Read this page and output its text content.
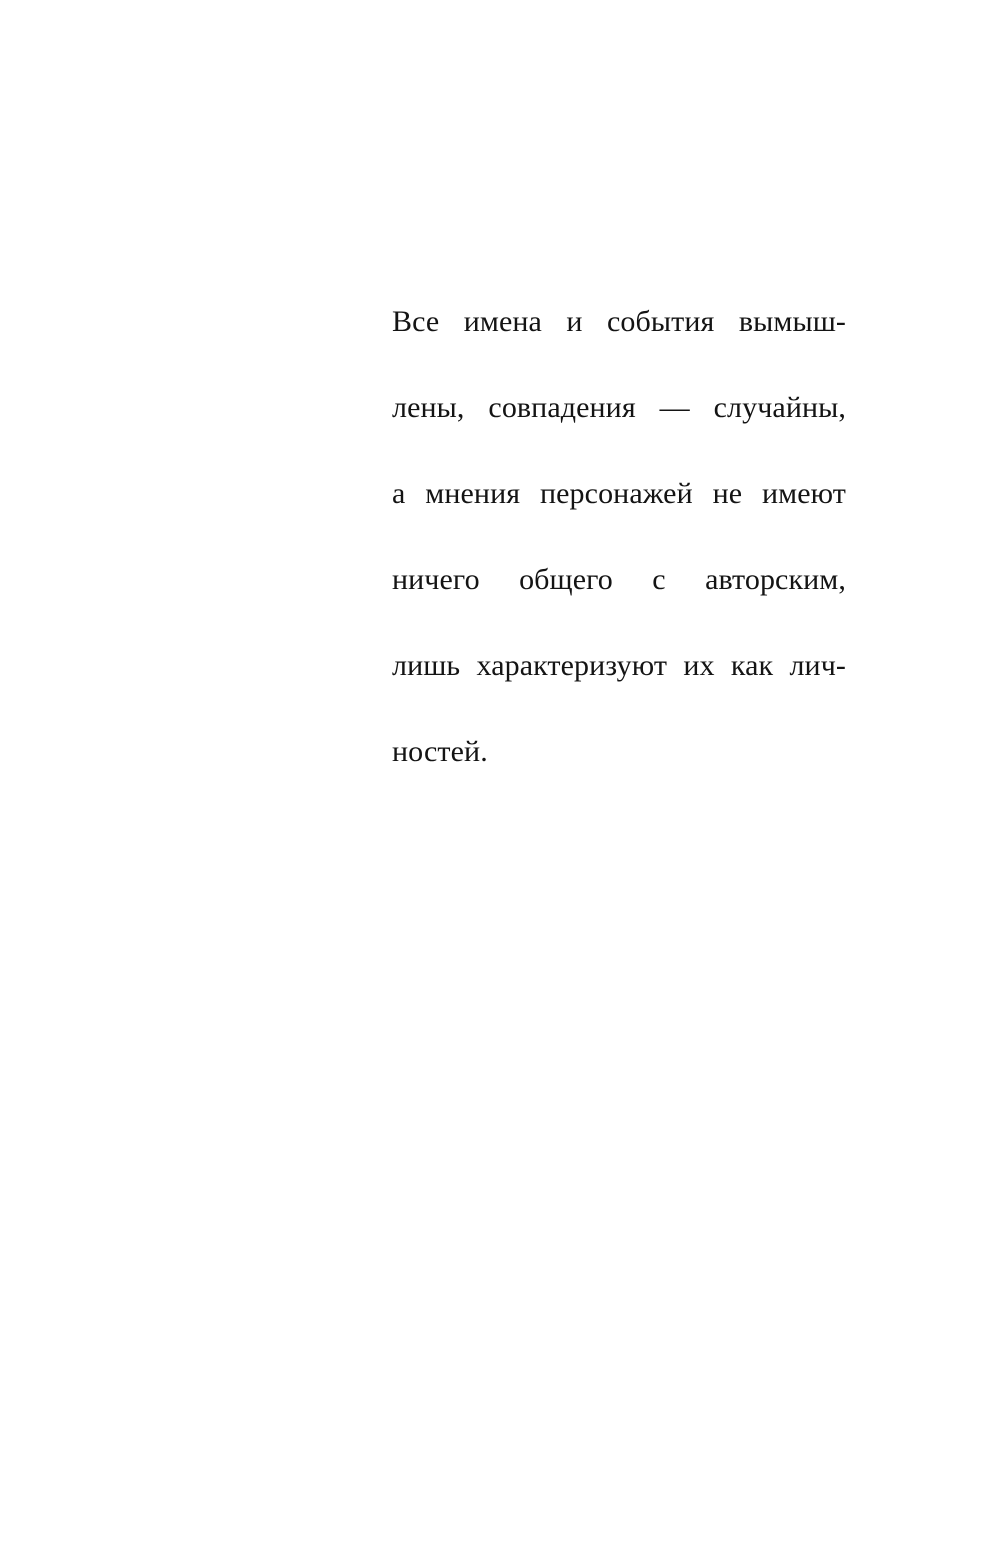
Все имена и события вымыш-
лены, совпадения — случайны,
а мнения персонажей не имеют
ничего общего с авторским,
лишь характеризуют их как лич-
ностей.
